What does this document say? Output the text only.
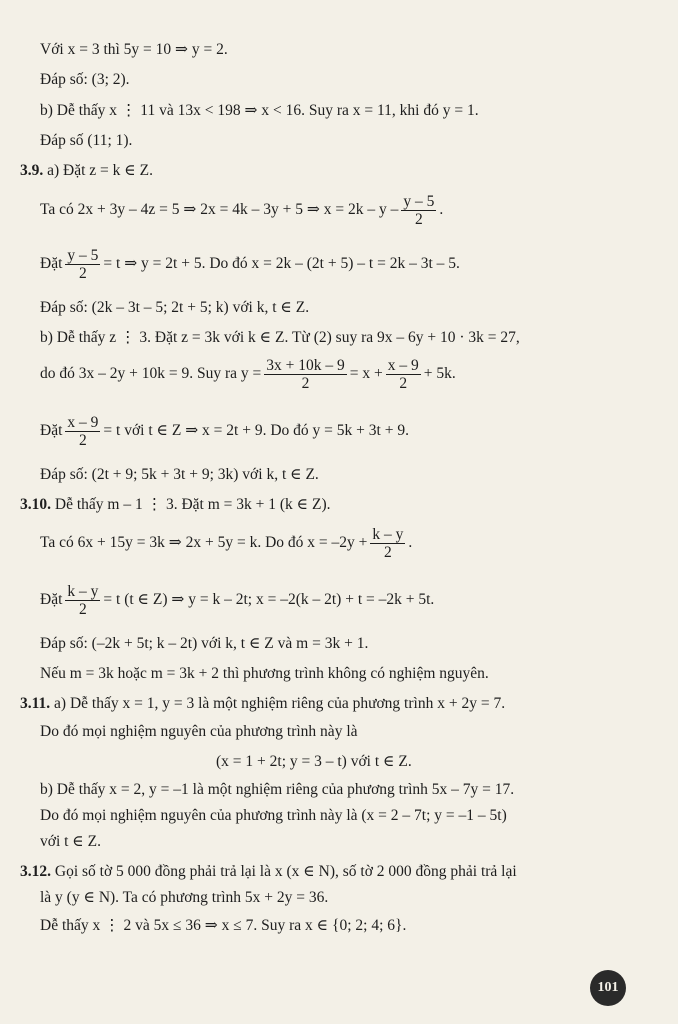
Với x = 3 thì 5y = 10 ⇒ y = 2.
Đáp số: (3; 2).
b) Dễ thấy x ⋮ 11 và 13x < 198 ⇒ x < 16. Suy ra x = 11, khi đó y = 1.
Đáp số (11; 1).
3.9. a) Đặt z = k ∈ Z.
Ta có 2x + 3y – 4z = 5 ⇒ 2x = 4k – 3y + 5 ⇒ $x = 2k - y - \frac{y - 5}{2}$ .
Đặt $\frac{y - 5}{2} = t$ ⇒ y = 2t + 5. Do đó x = 2k – (2t + 5) – t = 2k – 3t – 5.
Đáp số: (2k – 3t – 5; 2t + 5; k) với k, t ∈ Z.
b) Dễ thấy z ⋮ 3. Đặt z = 3k với k ∈ Z. Từ (2) suy ra 9x – 6y + 10 · 3k = 27,
do đó 3x – 2y + 10k = 9. Suy ra $y = \frac{3x + 10k - 9}{2} = x + \frac{x - 9}{2} + 5k$.
Đặt $\frac{x - 9}{2} = t$ với t ∈ Z ⇒ x = 2t + 9. Do đó y = 5k + 3t + 9.
Đáp số: (2t + 9; 5k + 3t + 9; 3k) với k, t ∈ Z.
3.10. Dễ thấy m – 1 ⋮ 3. Đặt m = 3k + 1 (k ∈ Z).
Ta có 6x + 15y = 3k ⇒ 2x + 5y = k. Do đó $x = -2y + \frac{k - y}{2}$ .
Đặt $\frac{k - y}{2} = t$ (t ∈ Z) ⇒ y = k – 2t; x = –2(k – 2t) + t = –2k + 5t.
Đáp số: (–2k + 5t; k – 2t) với k, t ∈ Z và m = 3k + 1.
Nếu m = 3k hoặc m = 3k + 2 thì phương trình không có nghiệm nguyên.
3.11. a) Dễ thấy x = 1, y = 3 là một nghiệm riêng của phương trình x + 2y = 7.
Do đó mọi nghiệm nguyên của phương trình này là
(x = 1 + 2t; y = 3 – t) với t ∈ Z.
b) Dễ thấy x = 2, y = –1 là một nghiệm riêng của phương trình 5x – 7y = 17.
Do đó mọi nghiệm nguyên của phương trình này là (x = 2 – 7t; y = –1 – 5t)
với t ∈ Z.
3.12. Gọi số tờ 5 000 đồng phải trả lại là x (x ∈ N), số tờ 2 000 đồng phải trả lại
là y (y ∈ N). Ta có phương trình 5x + 2y = 36.
Dễ thấy x ⋮ 2 và 5x ≤ 36 ⇒ x ≤ 7. Suy ra x ∈ {0; 2; 4; 6}.
101
